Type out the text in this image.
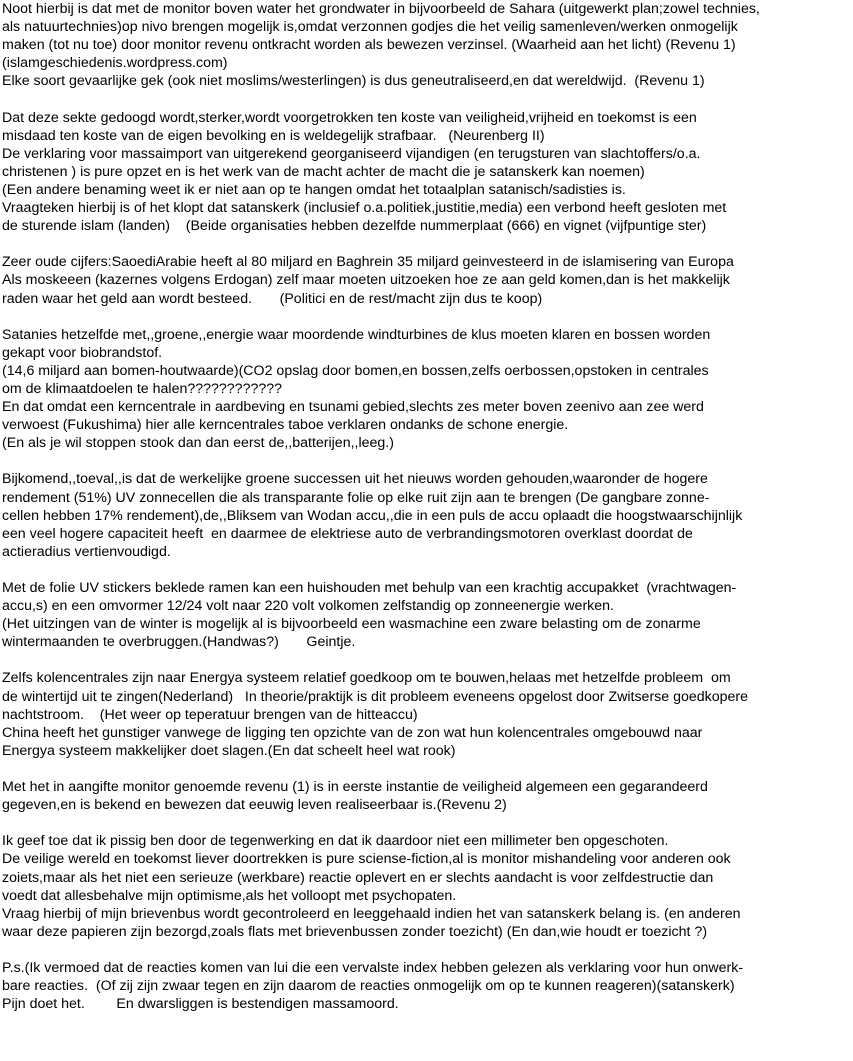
Noot hierbij is dat met de monitor boven water het grondwater in bijvoorbeeld de Sahara (uitgewerkt plan;zowel technies,
als natuurtechnies)op nivo brengen mogelijk is,omdat verzonnen godjes die het veilig samenleven/werken onmogelijk
maken (tot nu toe) door monitor revenu ontkracht worden als bewezen verzinsel. (Waarheid aan het licht) (Revenu 1)
(islamgeschiedenis.wordpress.com)
Elke soort gevaarlijke gek (ook niet moslims/westerlingen) is dus geneutraliseerd,en dat wereldwijd.  (Revenu 1)
Dat deze sekte gedoogd wordt,sterker,wordt voorgetrokken ten koste van veiligheid,vrijheid en toekomst is een
misdaad ten koste van de eigen bevolking en is weldegelijk strafbaar.   (Neurenberg II)
De verklaring voor massaimport van uitgerekend georganiseerd vijandigen (en terugsturen van slachtoffers/o.a.
christenen ) is pure opzet en is het werk van de macht achter de macht die je satanskerk kan noemen)
(Een andere benaming weet ik er niet aan op te hangen omdat het totaalplan satanisch/sadisties is.
Vraagteken hierbij is of het klopt dat satanskerk (inclusief o.a.politiek,justitie,media) een verbond heeft gesloten met
de sturende islam (landen)    (Beide organisaties hebben dezelfde nummerplaat (666) en vignet (vijfpuntige ster)
Zeer oude cijfers:SaoediArabie heeft al 80 miljard en Baghrein 35 miljard geinvesteerd in de islamisering van Europa
Als moskeeen (kazernes volgens Erdogan) zelf maar moeten uitzoeken hoe ze aan geld komen,dan is het makkelijk
raden waar het geld aan wordt besteed.       (Politici en de rest/macht zijn dus te koop)
Satanies hetzelfde met,,groene,,energie waar moordende windturbines de klus moeten klaren en bossen worden
gekapt voor biobrandstof.
(14,6 miljard aan bomen-houtwaarde)(CO2 opslag door bomen,en bossen,zelfs oerbossen,opstoken in centrales
om de klimaatdoelen te halen????????????
En dat omdat een kerncentrale in aardbeving en tsunami gebied,slechts zes meter boven zeenivo aan zee werd
verwoest (Fukushima) hier alle kerncentrales taboe verklaren ondanks de schone energie.
(En als je wil stoppen stook dan dan eerst de,,batterijen,,leeg.)
Bijkomend,,toeval,,is dat de werkelijke groene successen uit het nieuws worden gehouden,waaronder de hogere
rendement (51%) UV zonnecellen die als transparante folie op elke ruit zijn aan te brengen (De gangbare zonne-
cellen hebben 17% rendement),de,,Bliksem van Wodan accu,,die in een puls de accu oplaadt die hoogstwaarschijnlijk
een veel hogere capaciteit heeft  en daarmee de elektriese auto de verbrandingsmotoren overklast doordat de
actieradius vertienvoudigd.
Met de folie UV stickers beklede ramen kan een huishouden met behulp van een krachtig accupakket  (vrachtwagen-
accu,s) en een omvormer 12/24 volt naar 220 volt volkomen zelfstandig op zonneenergie werken.
(Het uitzingen van de winter is mogelijk al is bijvoorbeeld een wasmachine een zware belasting om de zonarme
wintermaanden te overbruggen.(Handwas?)       Geintje.
Zelfs kolencentrales zijn naar Energya systeem relatief goedkoop om te bouwen,helaas met hetzelfde probleem  om
de wintertijd uit te zingen(Nederland)   In theorie/praktijk is dit probleem eveneens opgelost door Zwitserse goedkopere
nachtstroom.    (Het weer op teperatuur brengen van de hitteaccu)
China heeft het gunstiger vanwege de ligging ten opzichte van de zon wat hun kolencentrales omgebouwd naar
Energya systeem makkelijker doet slagen.(En dat scheelt heel wat rook)
Met het in aangifte monitor genoemde revenu (1) is in eerste instantie de veiligheid algemeen een gegarandeerd
gegeven,en is bekend en bewezen dat eeuwig leven realiseerbaar is.(Revenu 2)
Ik geef toe dat ik pissig ben door de tegenwerking en dat ik daardoor niet een millimeter ben opgeschoten.
De veilige wereld en toekomst liever doortrekken is pure sciense-fiction,al is monitor mishandeling voor anderen ook
zoiets,maar als het niet een serieuze (werkbare) reactie oplevert en er slechts aandacht is voor zelfdestructie dan
voedt dat allesbehalve mijn optimisme,als het volloopt met psychopaten.
Vraag hierbij of mijn brievenbus wordt gecontroleerd en leeggehaald indien het van satanskerk belang is. (en anderen
waar deze papieren zijn bezorgd,zoals flats met brievenbussen zonder toezicht) (En dan,wie houdt er toezicht ?)
P.s.(Ik vermoed dat de reacties komen van lui die een vervalste index hebben gelezen als verklaring voor hun onwerk-
bare reacties.  (Of zij zijn zwaar tegen en zijn daarom de reacties onmogelijk om op te kunnen reageren)(satanskerk)
Pijn doet het.        En dwarsliggen is bestendigen massamoord.
